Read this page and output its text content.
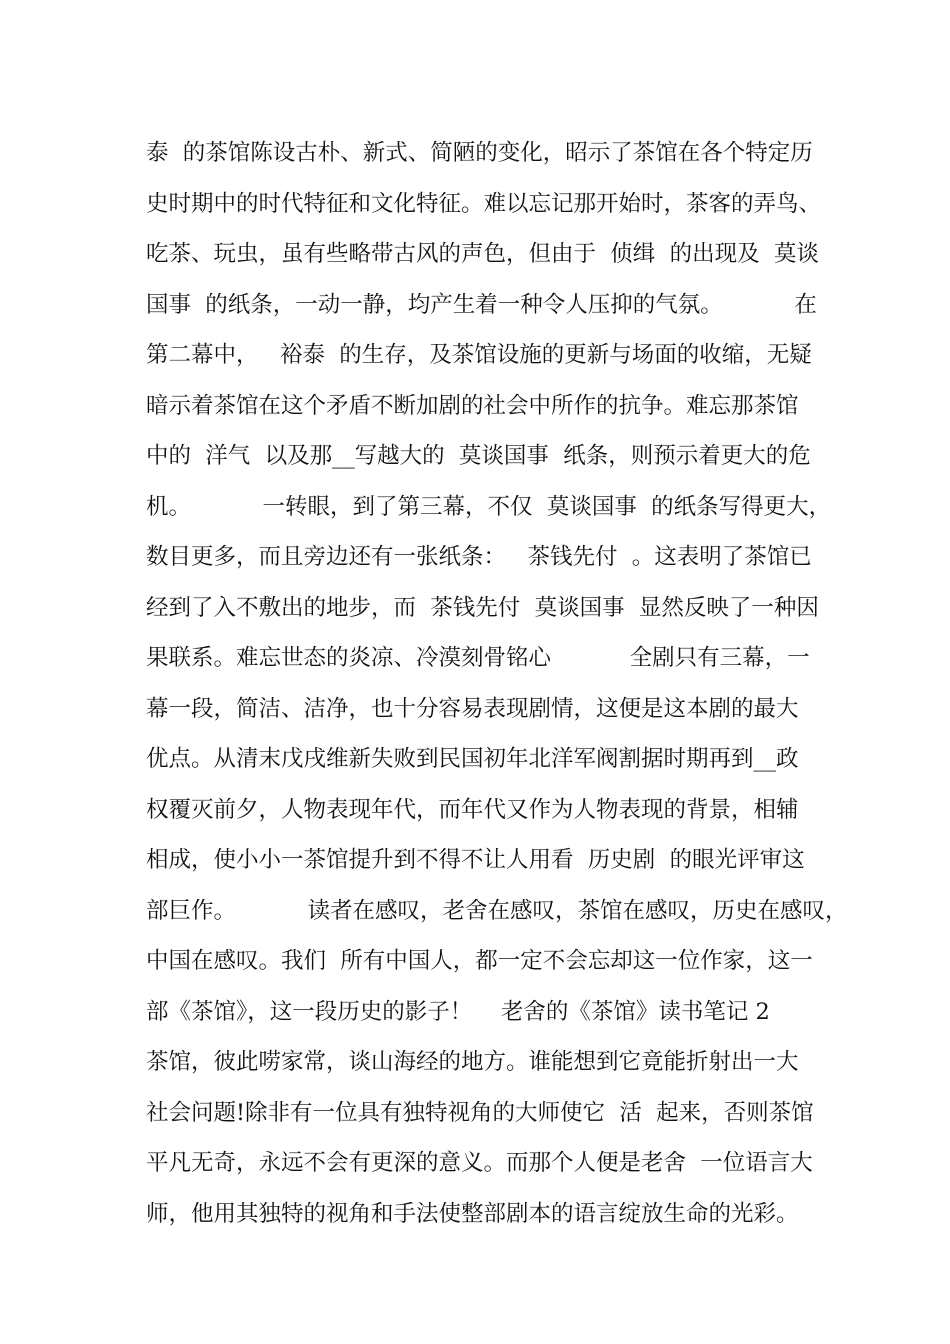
泰  的茶馆陈设古朴、新式、简陋的变化，昭示了茶馆在各个特定历
史时期中的时代特征和文化特征。难以忘记那开始时，茶客的弄鸟、
吃茶、玩虫，虽有些略带古风的声色，但由于  侦缉  的出现及  莫谈
国事  的纸条，一动一静，均产生着一种令人压抑的气氛。          在
第二幕中，   裕泰  的生存，及茶馆设施的更新与场面的收缩，无疑
暗示着茶馆在这个矛盾不断加剧的社会中所作的抗争。难忘那茶馆
中的  洋气  以及那__写越大的  莫谈国事  纸条，则预示着更大的危
机。          一转眼，到了第三幕，不仅  莫谈国事  的纸条写得更大，
数目更多，而且旁边还有一张纸条：   茶钱先付  。这表明了茶馆已
经到了入不敷出的地步，而  茶钱先付  莫谈国事  显然反映了一种因
果联系。难忘世态的炎凉、冷漠刻骨铭心           全剧只有三幕，一
幕一段，简洁、洁净，也十分容易表现剧情，这便是这本剧的最大
优点。从清末戊戌维新失败到民国初年北洋军阀割据时期再到__政
权覆灭前夕，人物表现年代，而年代又作为人物表现的背景，相辅
相成，使小小一茶馆提升到不得不让人用看  历史剧  的眼光评审这
部巨作。          读者在感叹，老舍在感叹，茶馆在感叹，历史在感叹，
中国在感叹。我们  所有中国人，都一定不会忘却这一位作家，这一
部《茶馆》，这一段历史的影子！    老舍的《茶馆》读书笔记 2
茶馆，彼此唠家常，谈山海经的地方。谁能想到它竟能折射出一大
社会问题!除非有一位具有独特视角的大师使它  活  起来，否则茶馆
平凡无奇，永远不会有更深的意义。而那个人便是老舍  一位语言大
师，他用其独特的视角和手法使整部剧本的语言绽放生命的光彩。
